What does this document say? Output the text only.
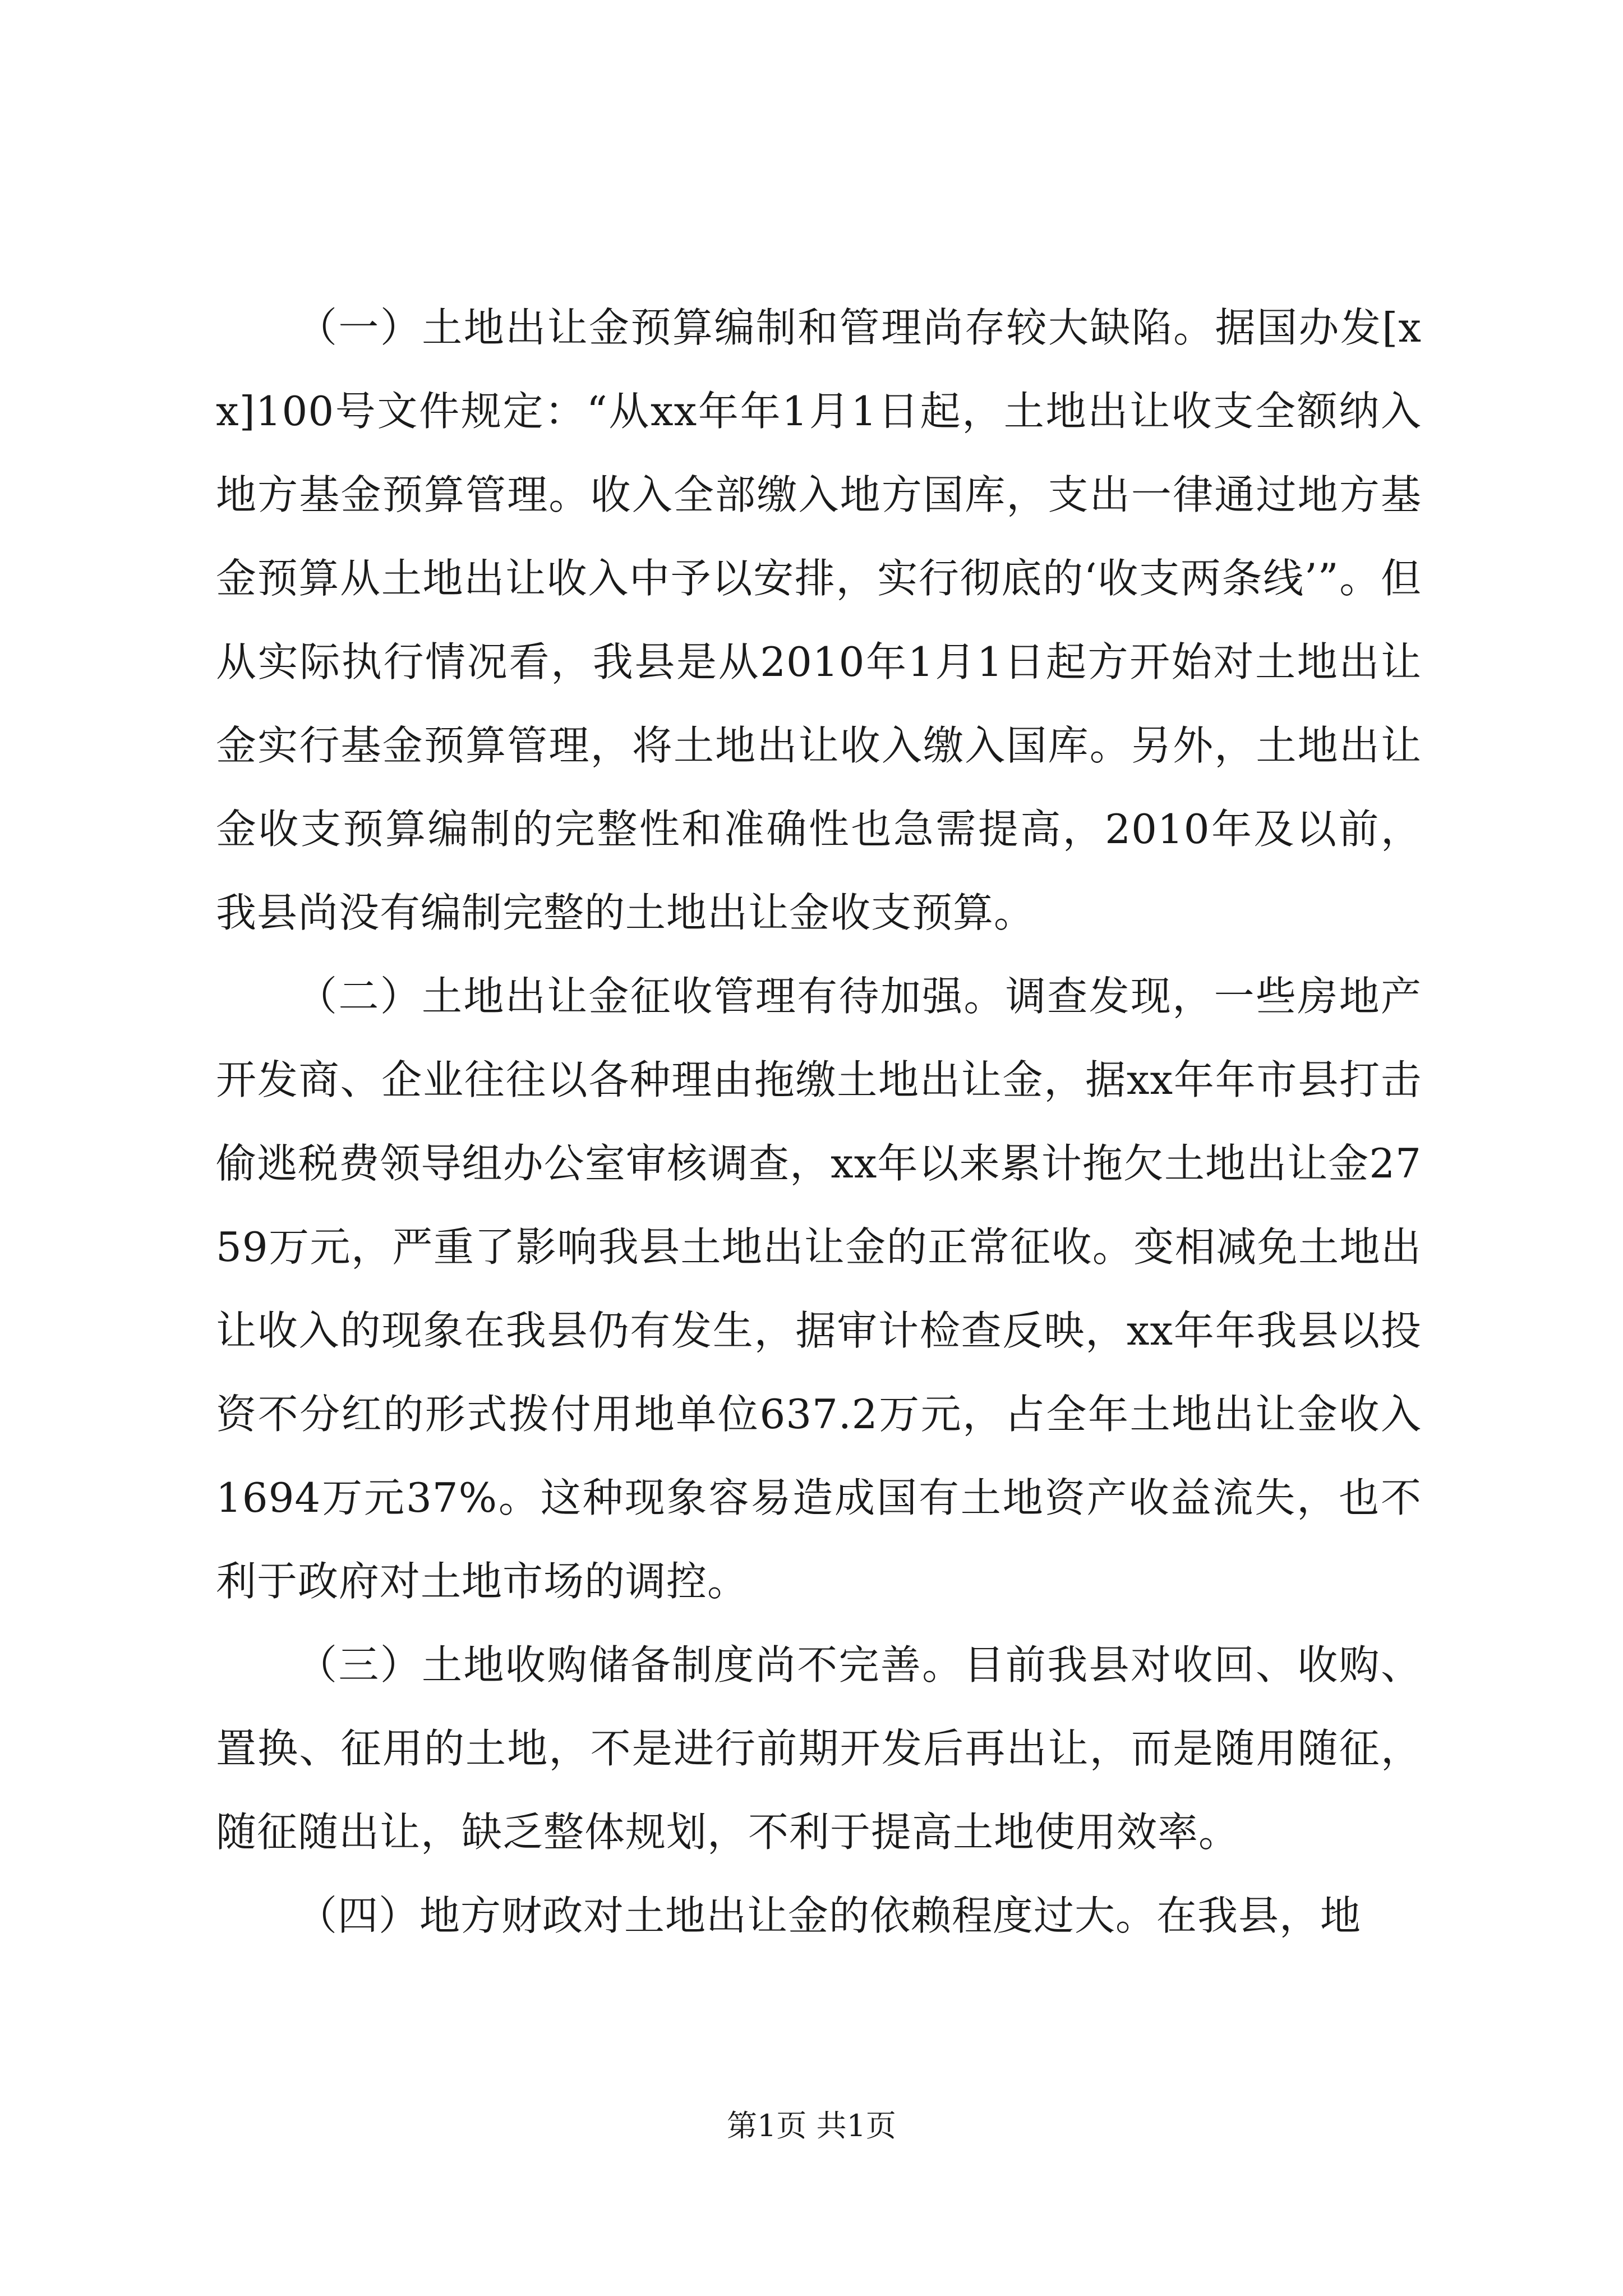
（一）土地出让金预算编制和管理尚存较大缺陷。据国办发[xx]100号文件规定：“从xx年年1月1日起，土地出让收支全额纳入地方基金预算管理。收入全部缴入地方国库，支出一律通过地方基金预算从土地出让收入中予以安排，实行彻底的‘收支两条线’”。但从实际执行情况看，我县是从2010年1月1日起方开始对土地出让金实行基金预算管理，将土地出让收入缴入国库。另外，土地出让金收支预算编制的完整性和准确性也急需提高，2010年及以前，我县尚没有编制完整的土地出让金收支预算。

（二）土地出让金征收管理有待加强。调查发现，一些房地产开发商、企业往往以各种理由拖缴土地出让金，据xx年年市县打击偷逃税费领导组办公室审核调查，xx年以来累计拖欠土地出让金2759万元，严重了影响我县土地出让金的正常征收。变相减免土地出让收入的现象在我县仍有发生，据审计检查反映，xx年年我县以投资不分红的形式拨付用地单位637.2万元，占全年土地出让金收入1694万元37%。这种现象容易造成国有土地资产收益流失，也不利于政府对土地市场的调控。

（三）土地收购储备制度尚不完善。目前我县对收回、收购、置换、征用的土地，不是进行前期开发后再出让，而是随用随征，随征随出让，缺乏整体规划，不利于提高土地使用效率。

（四）地方财政对土地出让金的依赖程度过大。在我县，地

第1页 共1页
